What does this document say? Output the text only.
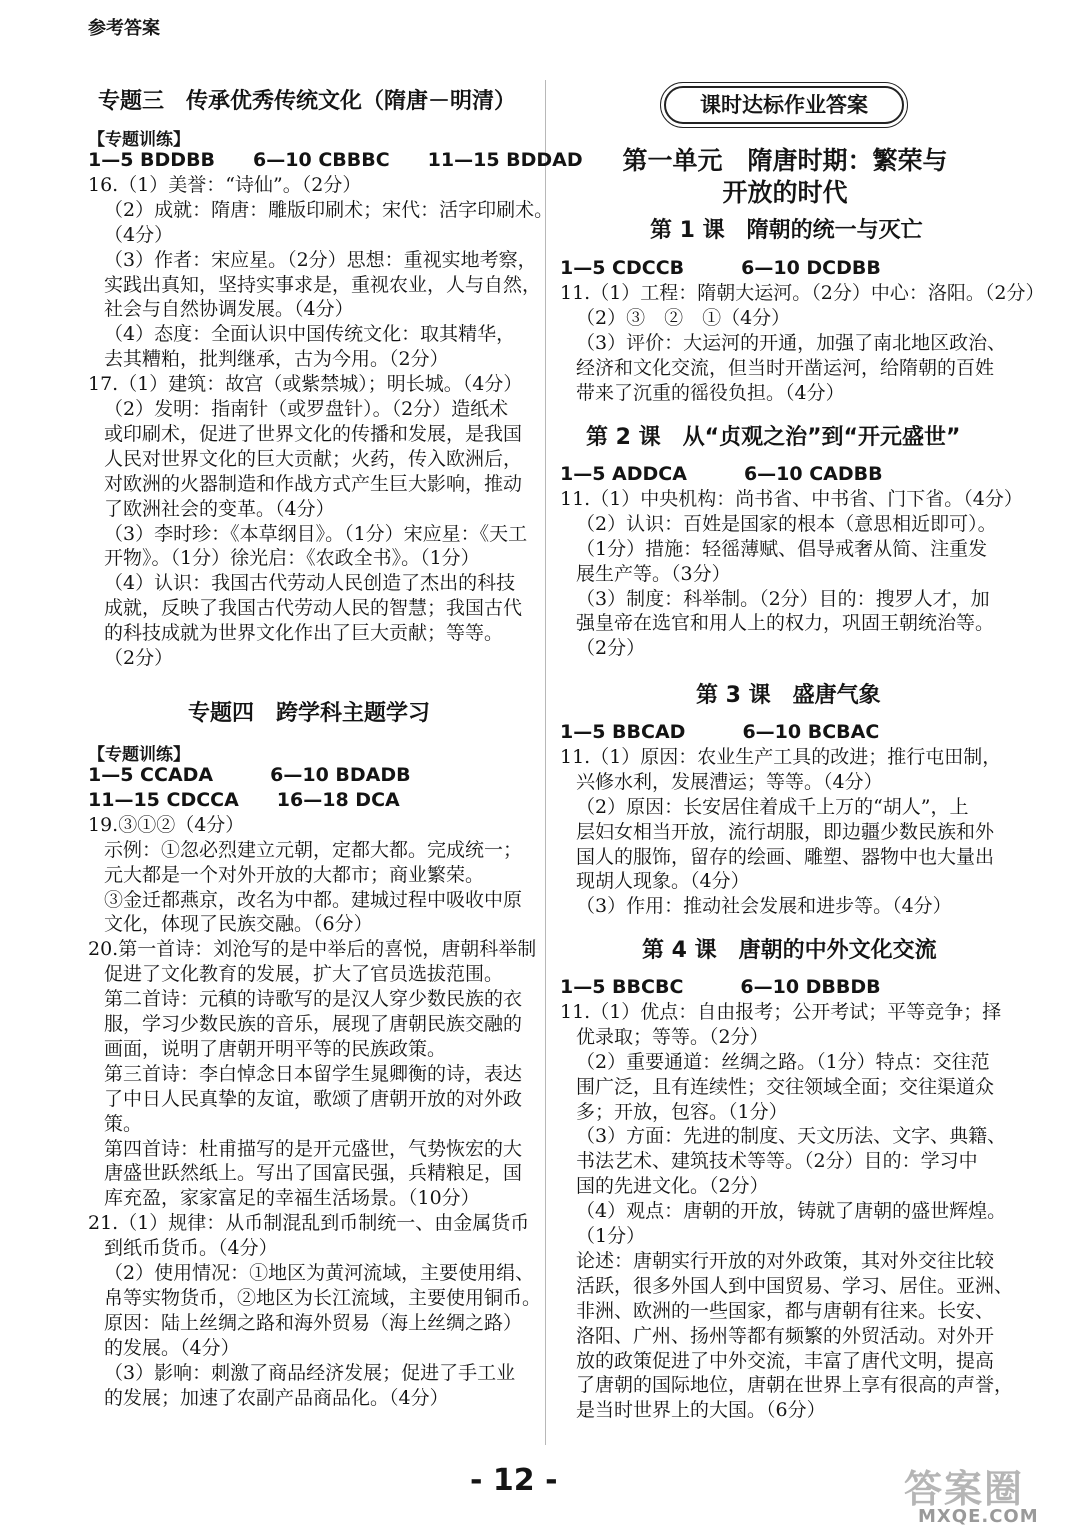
参考答案
专题三　传承优秀传统文化（隋唐－明清）
【专题训练】
1—5 BDDBB　　6—10 CBBBC　　11—15 BDDAD
16.（1）美誉：“诗仙”。（2分）
（2）成就：隋唐：雕版印刷术；宋代：活字印刷术。
（4分）
（3）作者：宋应星。（2分）思想：重视实地考察，
实践出真知，坚持实事求是，重视农业，人与自然，
社会与自然协调发展。（4分）
（4）态度：全面认识中国传统文化：取其精华，
去其糟粕，批判继承，古为今用。（2分）
17.（1）建筑：故宫（或紫禁城）；明长城。（4分）
（2）发明：指南针（或罗盘针）。（2分）造纸术
或印刷术，促进了世界文化的传播和发展，是我国
人民对世界文化的巨大贡献；火药，传入欧洲后，
对欧洲的火器制造和作战方式产生巨大影响，推动
了欧洲社会的变革。（4分）
（3）李时珍：《本草纲目》。（1分）宋应星：《天工
开物》。（1分）徐光启：《农政全书》。（1分）
（4）认识：我国古代劳动人民创造了杰出的科技
成就，反映了我国古代劳动人民的智慧；我国古代
的科技成就为世界文化作出了巨大贡献；等等。
（2分）
专题四　跨学科主题学习
【专题训练】
1—5 CCADA　　　6—10 BDADB
11—15 CDCCA　　16—18 DCA
19.③①②（4分）
示例：①忽必烈建立元朝，定都大都。完成统一；
元大都是一个对外开放的大都市；商业繁荣。
③金迁都燕京，改名为中都。建城过程中吸收中原
文化，体现了民族交融。（6分）
20.第一首诗：刘沧写的是中举后的喜悦，唐朝科举制
促进了文化教育的发展，扩大了官员选拔范围。
第二首诗：元稹的诗歌写的是汉人穿少数民族的衣
服，学习少数民族的音乐，展现了唐朝民族交融的
画面，说明了唐朝开明平等的民族政策。
第三首诗：李白悼念日本留学生晁卿衡的诗，表达
了中日人民真挚的友谊，歌颂了唐朝开放的对外政
策。
第四首诗：杜甫描写的是开元盛世，气势恢宏的大
唐盛世跃然纸上。写出了国富民强，兵精粮足，国
库充盈，家家富足的幸福生活场景。（10分）
21.（1）规律：从币制混乱到币制统一、由金属货币
到纸币货币。（4分）
（2）使用情况：①地区为黄河流域，主要使用绢、
帛等实物货币，②地区为长江流域，主要使用铜币。
原因：陆上丝绸之路和海外贸易（海上丝绸之路）
的发展。（4分）
（3）影响：刺激了商品经济发展；促进了手工业
的发展；加速了农副产品商品化。（4分）
课时达标作业答案
第一单元　隋唐时期：繁荣与
开放的时代
第 1 课　隋朝的统一与灭亡
1—5 CDCCB　　　6—10 DCDBB
11.（1）工程：隋朝大运河。（2分）中心：洛阳。（2分）
（2）③　②　①（4分）
（3）评价：大运河的开通，加强了南北地区政治、
经济和文化交流，但当时开凿运河，给隋朝的百姓
带来了沉重的徭役负担。（4分）
第 2 课　从“贞观之治”到“开元盛世”
1—5 ADDCA　　　6—10 CADBB
11.（1）中央机构：尚书省、中书省、门下省。（4分）
（2）认识：百姓是国家的根本（意思相近即可）。
（1分）措施：轻徭薄赋、倡导戒奢从简、注重发
展生产等。（3分）
（3）制度：科举制。（2分）目的：搜罗人才，加
强皇帝在选官和用人上的权力，巩固王朝统治等。
（2分）
第 3 课　盛唐气象
1—5 BBCAD　　　6—10 BCBAC
11.（1）原因：农业生产工具的改进；推行屯田制，
兴修水利，发展漕运；等等。（4分）
（2）原因：长安居住着成千上万的“胡人”，上
层妇女相当开放，流行胡服，即边疆少数民族和外
国人的服饰，留存的绘画、雕塑、器物中也大量出
现胡人现象。（4分）
（3）作用：推动社会发展和进步等。（4分）
第 4 课　唐朝的中外文化交流
1—5 BBCBC　　　6—10 DBBDB
11.（1）优点：自由报考；公开考试；平等竞争；择
优录取；等等。（2分）
（2）重要通道：丝绸之路。（1分）特点：交往范
围广泛，且有连续性；交往领域全面；交往渠道众
多；开放，包容。（1分）
（3）方面：先进的制度、天文历法、文字、典籍、
书法艺术、建筑技术等等。（2分）目的：学习中
国的先进文化。（2分）
（4）观点：唐朝的开放，铸就了唐朝的盛世辉煌。
（1分）
论述：唐朝实行开放的对外政策，其对外交往比较
活跃，很多外国人到中国贸易、学习、居住。亚洲、
非洲、欧洲的一些国家，都与唐朝有往来。长安、
洛阳、广州、扬州等都有频繁的外贸活动。对外开
放的政策促进了中外交流，丰富了唐代文明，提高
了唐朝的国际地位，唐朝在世界上享有很高的声誉，
是当时世界上的大国。（6分）
- 12 -	答案圈
MXQE.COM
